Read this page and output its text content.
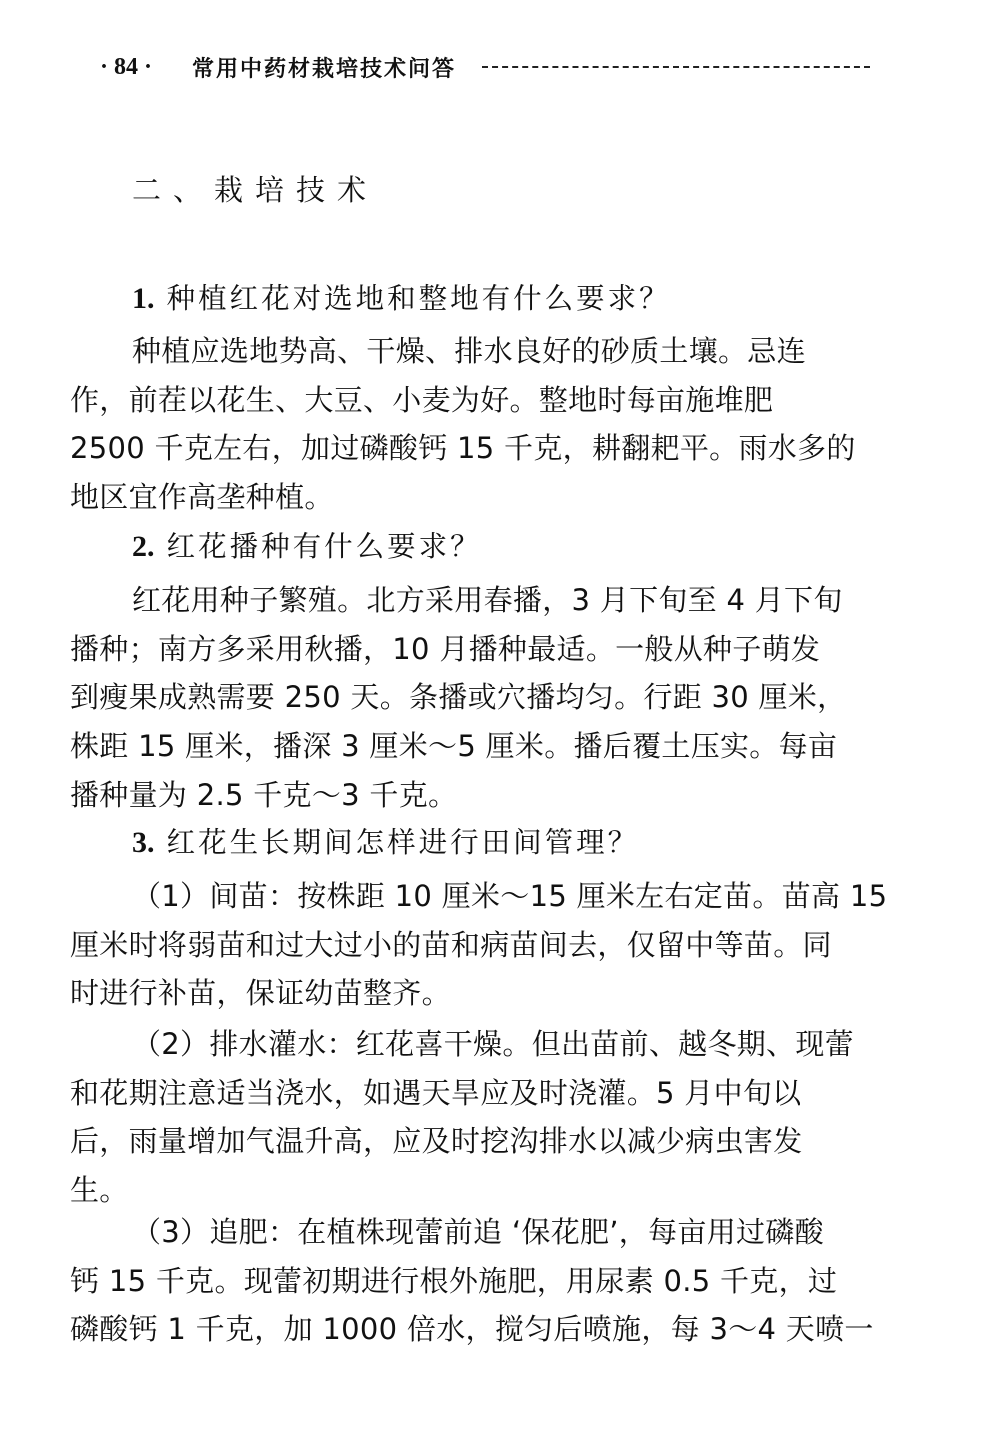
· 84 · 常用中药材栽培技术问答
二、栽培技术
1. 种植红花对选地和整地有什么要求？
种植应选地势高、干燥、排水良好的砂质土壤。忌连
作，前茬以花生、大豆、小麦为好。整地时每亩施堆肥
2500 千克左右，加过磷酸钙 15 千克，耕翻耙平。雨水多的
地区宜作高垄种植。
2. 红花播种有什么要求？
红花用种子繁殖。北方采用春播，3 月下旬至 4 月下旬
播种；南方多采用秋播，10 月播种最适。一般从种子萌发
到瘦果成熟需要 250 天。条播或穴播均匀。行距 30 厘米，
株距 15 厘米，播深 3 厘米～5 厘米。播后覆土压实。每亩
播种量为 2.5 千克～3 千克。
3. 红花生长期间怎样进行田间管理？
（1）间苗：按株距 10 厘米～15 厘米左右定苗。苗高 15
厘米时将弱苗和过大过小的苗和病苗间去，仅留中等苗。同
时进行补苗，保证幼苗整齐。
（2）排水灌水：红花喜干燥。但出苗前、越冬期、现蕾
和花期注意适当浇水，如遇天旱应及时浇灌。5 月中旬以
后，雨量增加气温升高，应及时挖沟排水以减少病虫害发
生。
（3）追肥：在植株现蕾前追 ‘保花肥’，每亩用过磷酸
钙 15 千克。现蕾初期进行根外施肥，用尿素 0.5 千克，过
磷酸钙 1 千克，加 1000 倍水，搅匀后喷施，每 3～4 天喷一
